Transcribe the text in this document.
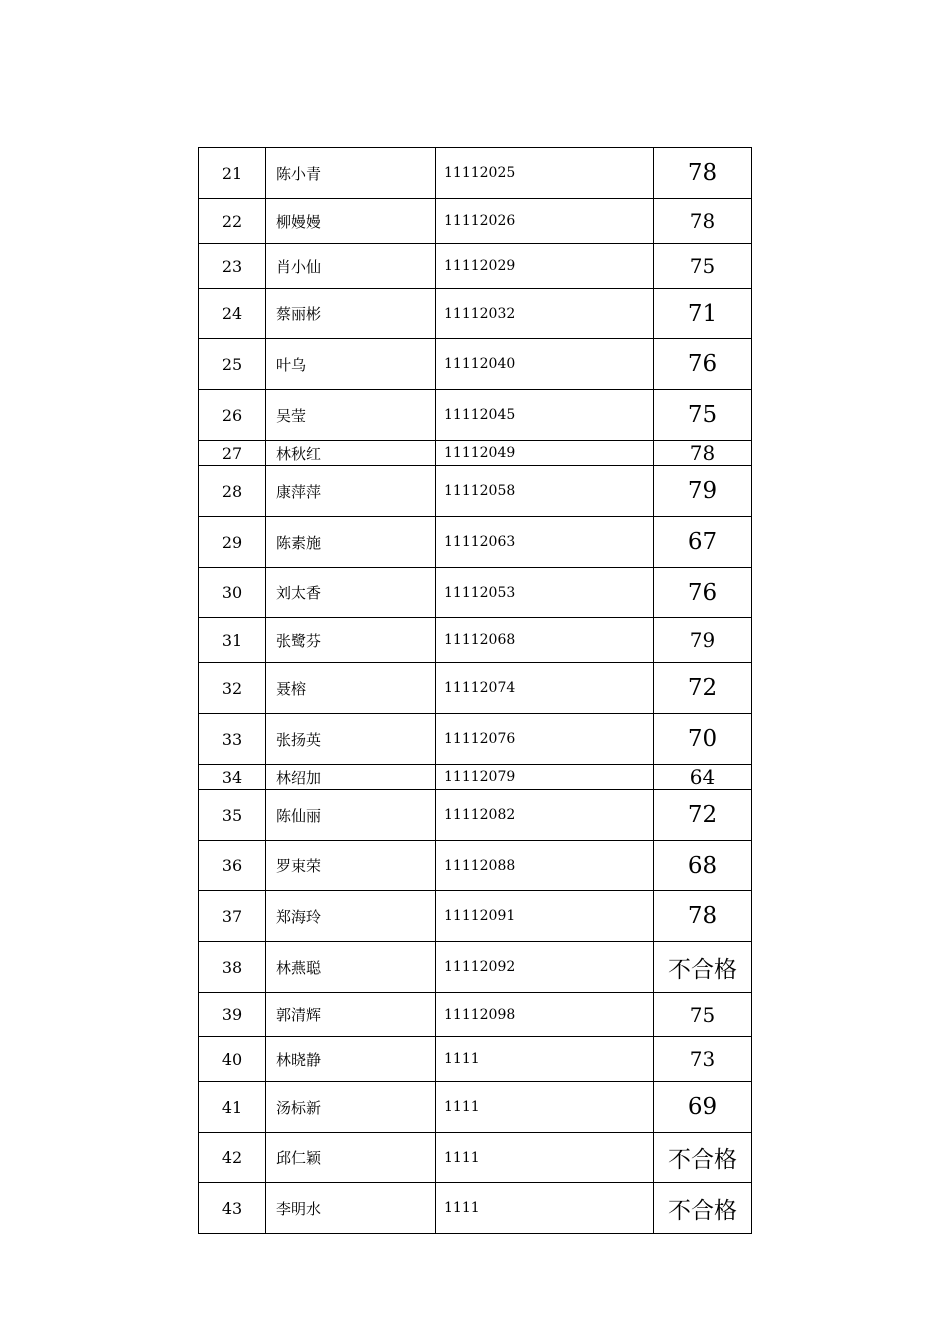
21	陈小青	11112025	78
22	柳嫚嫚	11112026	78
23	肖小仙	11112029	75
24	蔡丽彬	11112032	71
25	叶乌	11112040	76
26	吴莹	11112045	75
27	林秋红	11112049	78
28	康萍萍	11112058	79
29	陈素施	11112063	67
30	刘太香	11112053	76
31	张鹭芬	11112068	79
32	聂榕	11112074	72
33	张扬英	11112076	70
34	林绍加	11112079	64
35	陈仙丽	11112082	72
36	罗束荣	11112088	68
37	郑海玲	11112091	78
38	林燕聪	11112092	不合格
39	郭清辉	11112098	75
40	林晓静	1111	73
41	汤标新	1111	69
42	邱仁颖	1111	不合格
43	李明水	1111	不合格
